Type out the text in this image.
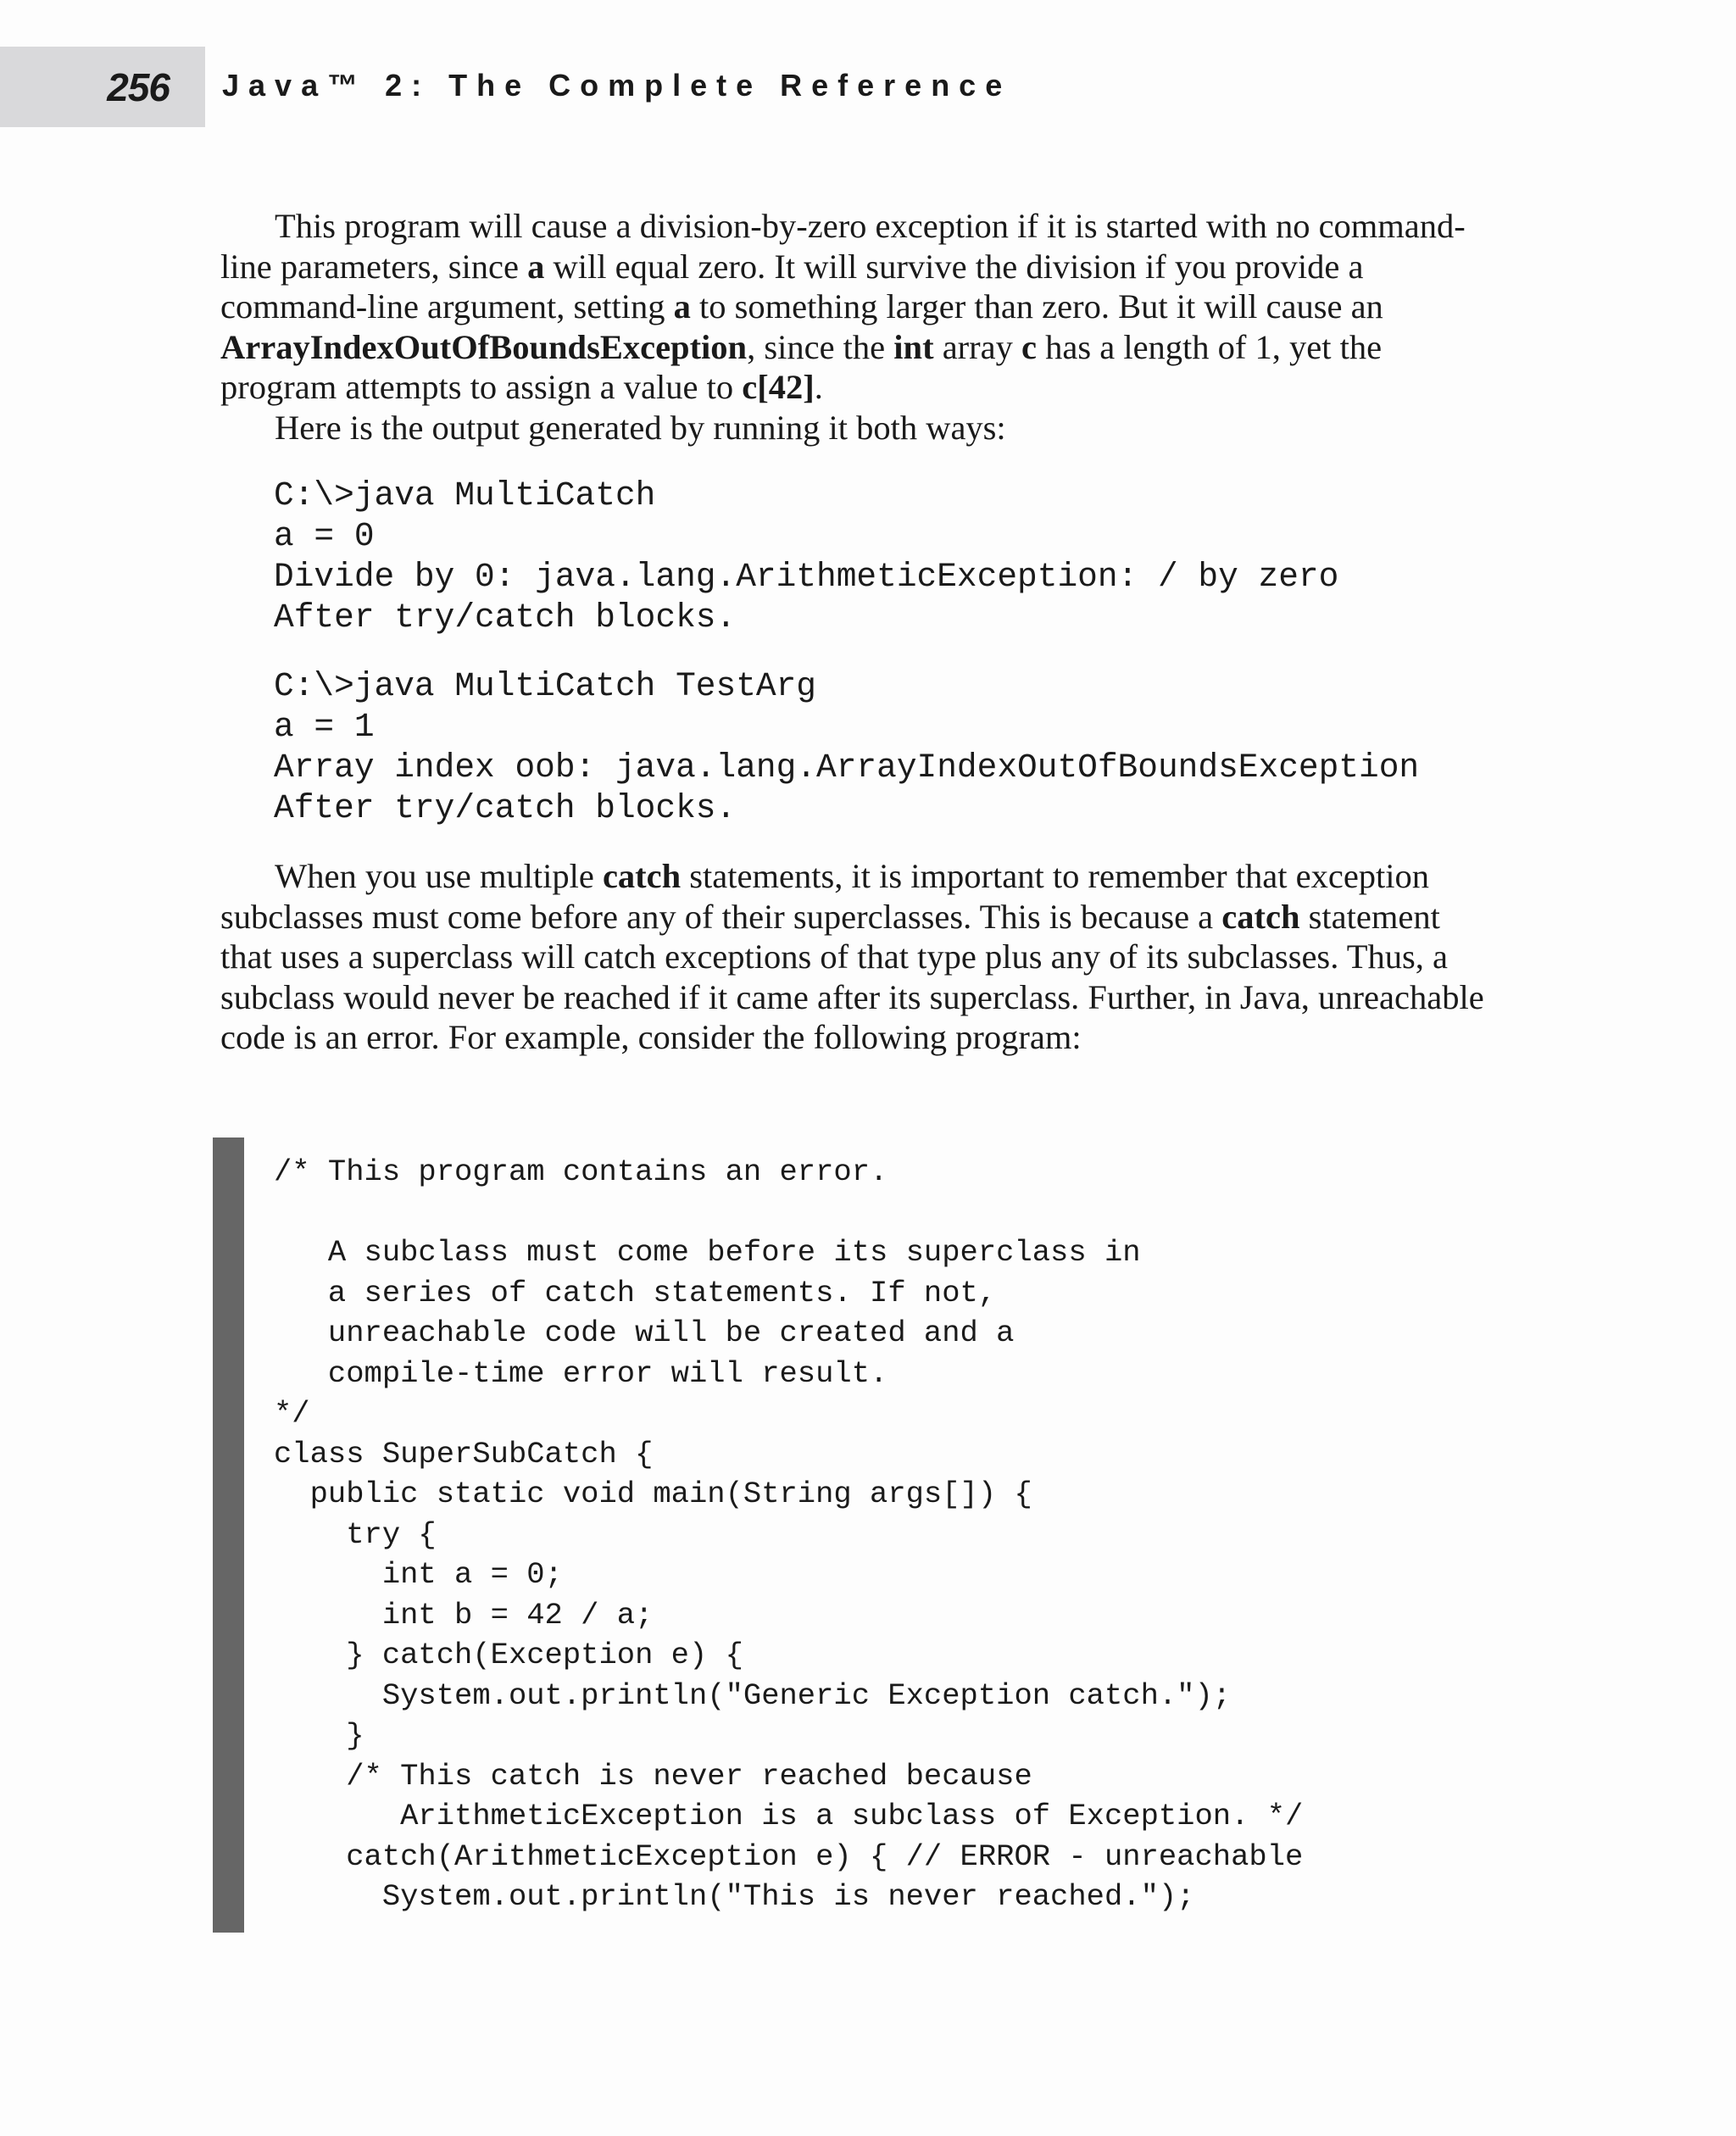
256 Java™ 2: The Complete Reference

This program will cause a division-by-zero exception if it is started with no command-line parameters, since a will equal zero. It will survive the division if you provide a command-line argument, setting a to something larger than zero. But it will cause an ArrayIndexOutOfBoundsException, since the int array c has a length of 1, yet the program attempts to assign a value to c[42].

Here is the output generated by running it both ways:

C:\>java MultiCatch
a = 0
Divide by 0: java.lang.ArithmeticException: / by zero
After try/catch blocks.
C:\>java MultiCatch TestArg
a = 1
Array index oob: java.lang.ArrayIndexOutOfBoundsException
After try/catch blocks.

When you use multiple catch statements, it is important to remember that exception subclasses must come before any of their superclasses. This is because a catch statement that uses a superclass will catch exceptions of that type plus any of its subclasses. Thus, a subclass would never be reached if it came after its superclass. Further, in Java, unreachable code is an error. For example, consider the following program:

/* This program contains an error.

A subclass must come before its superclass in
a series of catch statements. If not,
unreachable code will be created and a
compile-time error will result.
*/
class SuperSubCatch {
public static void main(String args[]) {
try {
int a = 0;
int b = 42 / a;
} catch(Exception e) {
System.out.println("Generic Exception catch.");
}
/* This catch is never reached because
ArithmeticException is a subclass of Exception. */
catch(ArithmeticException e) { // ERROR - unreachable
System.out.println("This is never reached.");
